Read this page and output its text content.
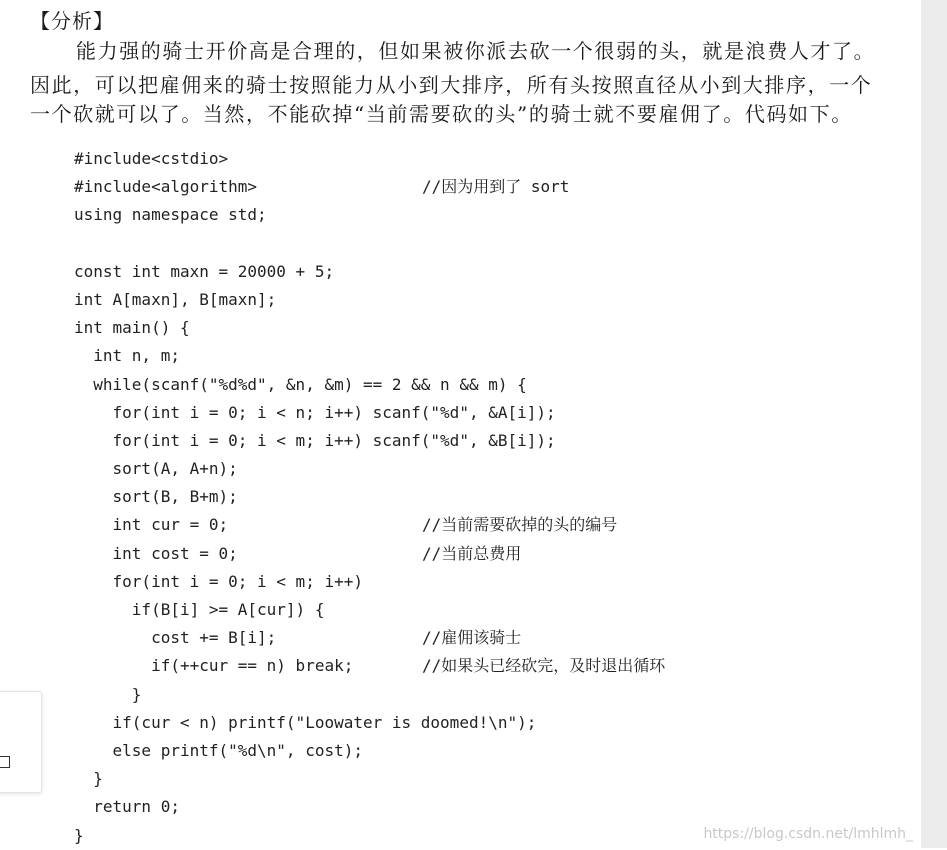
【分析】
能力强的骑士开价高是合理的，但如果被你派去砍一个很弱的头，就是浪费人才了。
因此，可以把雇佣来的骑士按照能力从小到大排序，所有头按照直径从小到大排序，一个
一个砍就可以了。当然，不能砍掉“当前需要砍的头”的骑士就不要雇佣了。代码如下。
#include<cstdio>
#include<algorithm>	//因为用到了 sort
using namespace std;
const int maxn = 20000 + 5;
int A[maxn], B[maxn];
int main() {
int n, m;
while(scanf("%d%d", &n, &m) == 2 && n && m) {
for(int i = 0; i < n; i++) scanf("%d", &A[i]);
for(int i = 0; i < m; i++) scanf("%d", &B[i]);
sort(A, A+n);
sort(B, B+m);
int cur = 0;	//当前需要砍掉的头的编号
int cost = 0;	//当前总费用
for(int i = 0; i < m; i++)
if(B[i] >= A[cur]) {
cost += B[i];	//雇佣该骑士
if(++cur == n) break;	//如果头已经砍完，及时退出循环
}
if(cur < n) printf("Loowater is doomed!\n");
else printf("%d\n", cost);
}
return 0;
}	https://blog.csdn.net/lmhlmh_
